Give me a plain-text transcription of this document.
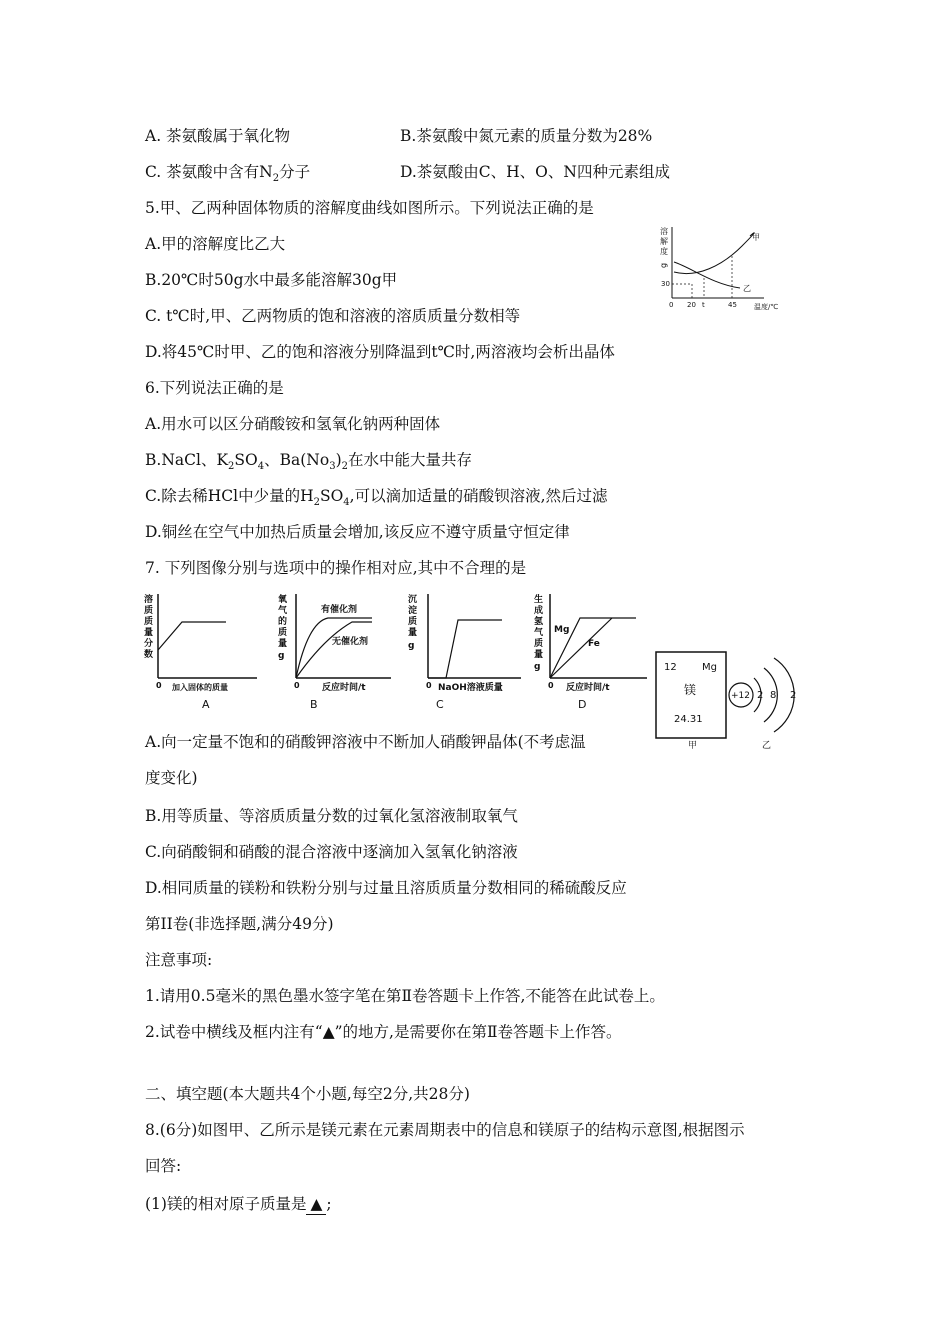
A. 茶氨酸属于氧化物	B.茶氨酸中氮元素的质量分数为28%
C. 茶氨酸中含有$N_2$分子	D.茶氨酸由C、H、O、N四种元素组成
5.甲、乙两种固体物质的溶解度曲线如图所示。下列说法正确的是
A.甲的溶解度比乙大
B.20℃时50g水中最多能溶解30g甲
C. t℃时,甲、乙两物质的饱和溶液的溶质质量分数相等
D.将45℃时甲、乙的饱和溶液分别降温到t℃时,两溶液均会析出晶体
溶
解
度
g
30
0 20 t	45 温度/℃
甲
乙
6.下列说法正确的是
A.用水可以区分硝酸铵和氢氧化钠两种固体
B.NaCl、$K_2SO_4$、$Ba(No_3)_2$在水中能大量共存
C.除去稀HCl中少量的$H_2SO_4$,可以滴加适量的硝酸钡溶液,然后过滤
D.铜丝在空气中加热后质量会增加,该反应不遵守质量守恒定律
7. 下列图像分别与选项中的操作相对应,其中不合理的是
溶
质
质
量
分
数
0 加入固体的质量
A
氧
气
的
质
量
g
有催化剂
无催化剂
0 反应时间/t
B
沉
淀
质
量
g
0 NaOH溶液质量
C
生
成
氢
气
质
量
g
Mg
Fe
0 反应时间/t
D
12	Mg
镁
24.31
甲
+12 2 8 2
乙
A.向一定量不饱和的硝酸钾溶液中不断加人硝酸钾晶体(不考虑温
度变化)
B.用等质量、等溶质质量分数的过氧化氢溶液制取氧气
C.向硝酸铜和硝酸的混合溶液中逐滴加入氢氧化钠溶液
D.相同质量的镁粉和铁粉分别与过量且溶质质量分数相同的稀硫酸反应
第II卷(非选择题,满分49分)
注意事项:
1.请用0.5毫米的黑色墨水签字笔在第Ⅱ卷答题卡上作答,不能答在此试卷上。
2.试卷中横线及框内注有“▲”的地方,是需要你在第Ⅱ卷答题卡上作答。
二、填空题(本大题共4个小题,每空2分,共28分)
8.(6分)如图甲、乙所示是镁元素在元素周期表中的信息和镁原子的结构示意图,根据图示
回答:
(1)镁的相对原子质量是 ▲ ;
